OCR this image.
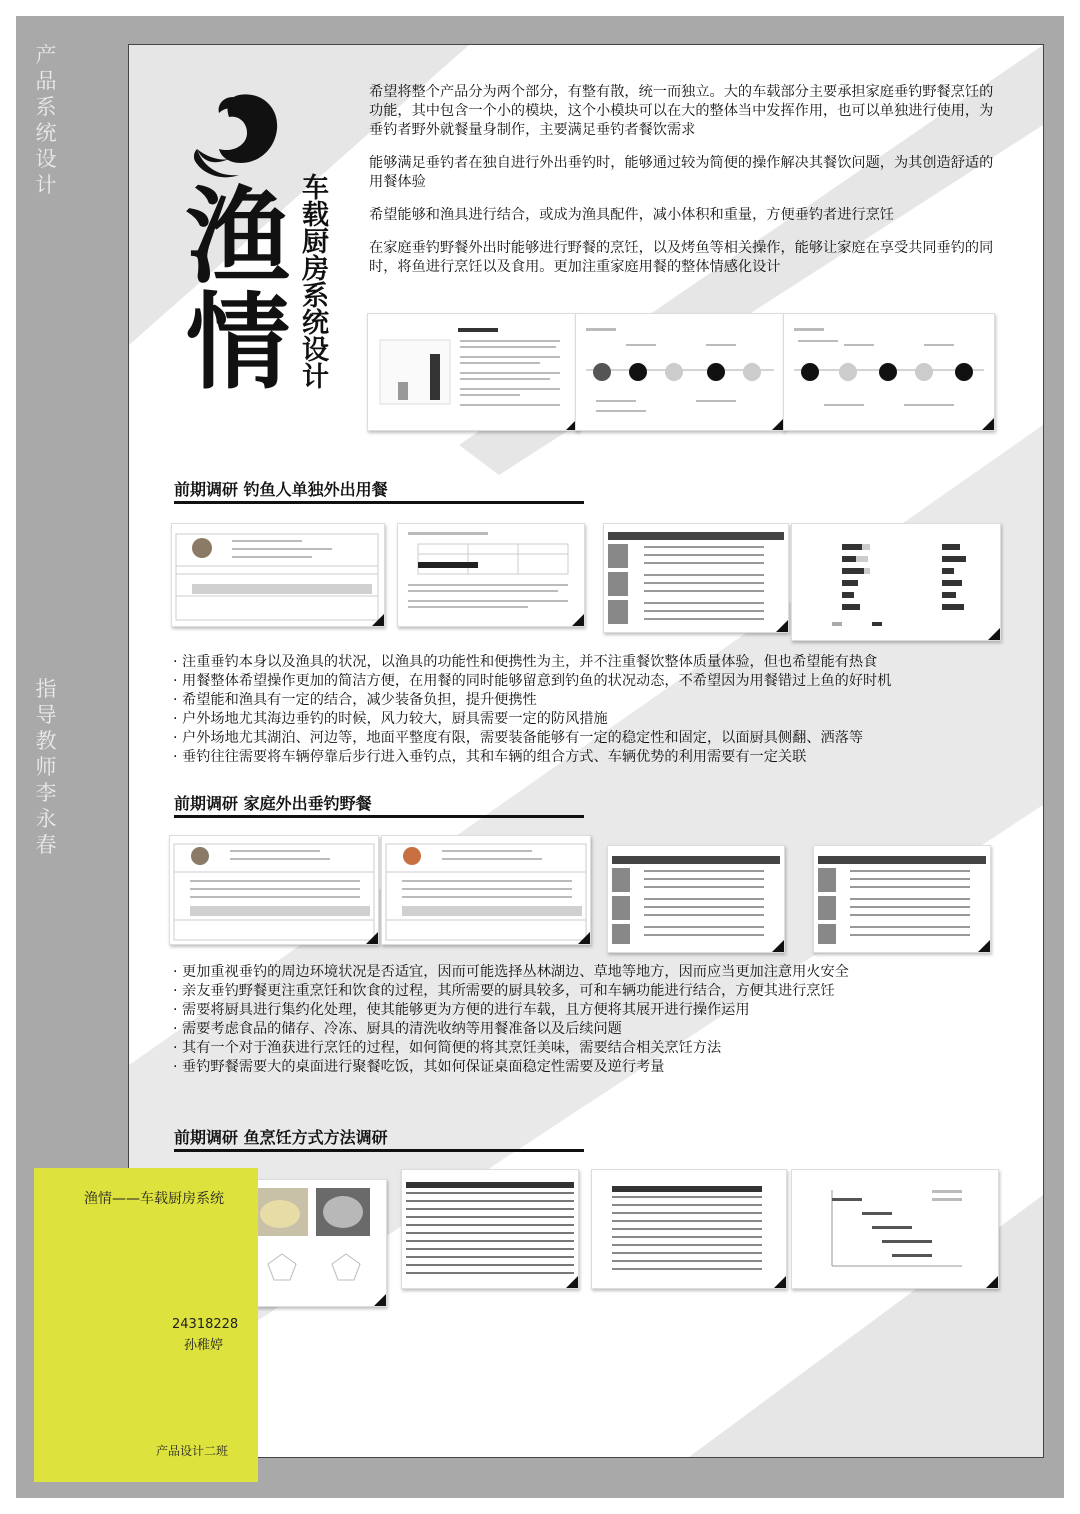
产
品
系
统
设
计
指
导
教
师
李
永
春
渔情 车载厨房系统设计

希望将整个产品分为两个部分，有整有散，统一而独立。大的车载部分主要承担家庭垂钓野餐烹饪的功能，其中包含一个小的模块，这个小模块可以在大的整体当中发挥作用，也可以单独进行使用，为垂钓者野外就餐量身制作，主要满足垂钓者餐饮需求

能够满足垂钓者在独自进行外出垂钓时，能够通过较为简便的操作解决其餐饮问题，为其创造舒适的用餐体验

希望能够和渔具进行结合，或成为渔具配件，减小体积和重量，方便垂钓者进行烹饪

在家庭垂钓野餐外出时能够进行野餐的烹饪，以及烤鱼等相关操作，能够让家庭在享受共同垂钓的同时，将鱼进行烹饪以及食用。更加注重家庭用餐的整体情感化设计

前期调研 钓鱼人单独外出用餐
· 注重垂钓本身以及渔具的状况，以渔具的功能性和便携性为主，并不注重餐饮整体质量体验，但也希望能有热食
· 用餐整体希望操作更加的简洁方便，在用餐的同时能够留意到钓鱼的状况动态，不希望因为用餐错过上鱼的好时机
· 希望能和渔具有一定的结合，减少装备负担，提升便携性
· 户外场地尤其海边垂钓的时候，风力较大，厨具需要一定的防风措施
· 户外场地尤其湖泊、河边等，地面平整度有限，需要装备能够有一定的稳定性和固定，以面厨具侧翻、洒落等
· 垂钓往往需要将车辆停靠后步行进入垂钓点，其和车辆的组合方式、车辆优势的利用需要有一定关联
前期调研 家庭外出垂钓野餐
· 更加重视垂钓的周边环境状况是否适宜，因而可能选择丛林湖边、草地等地方，因而应当更加注意用火安全
· 亲友垂钓野餐更注重烹饪和饮食的过程，其所需要的厨具较多，可和车辆功能进行结合，方便其进行烹饪
· 需要将厨具进行集约化处理，使其能够更为方便的进行车载，且方便将其展开进行操作运用
· 需要考虑食品的储存、冷冻、厨具的清洗收纳等用餐准备以及后续问题
· 其有一个对于渔获进行烹饪的过程，如何简便的将其烹饪美味，需要结合相关烹饪方法
· 垂钓野餐需要大的桌面进行聚餐吃饭，其如何保证桌面稳定性需要及逆行考量
前期调研 鱼烹饪方式方法调研
渔情——车载厨房系统
24318228
孙稚婷
产品设计二班
